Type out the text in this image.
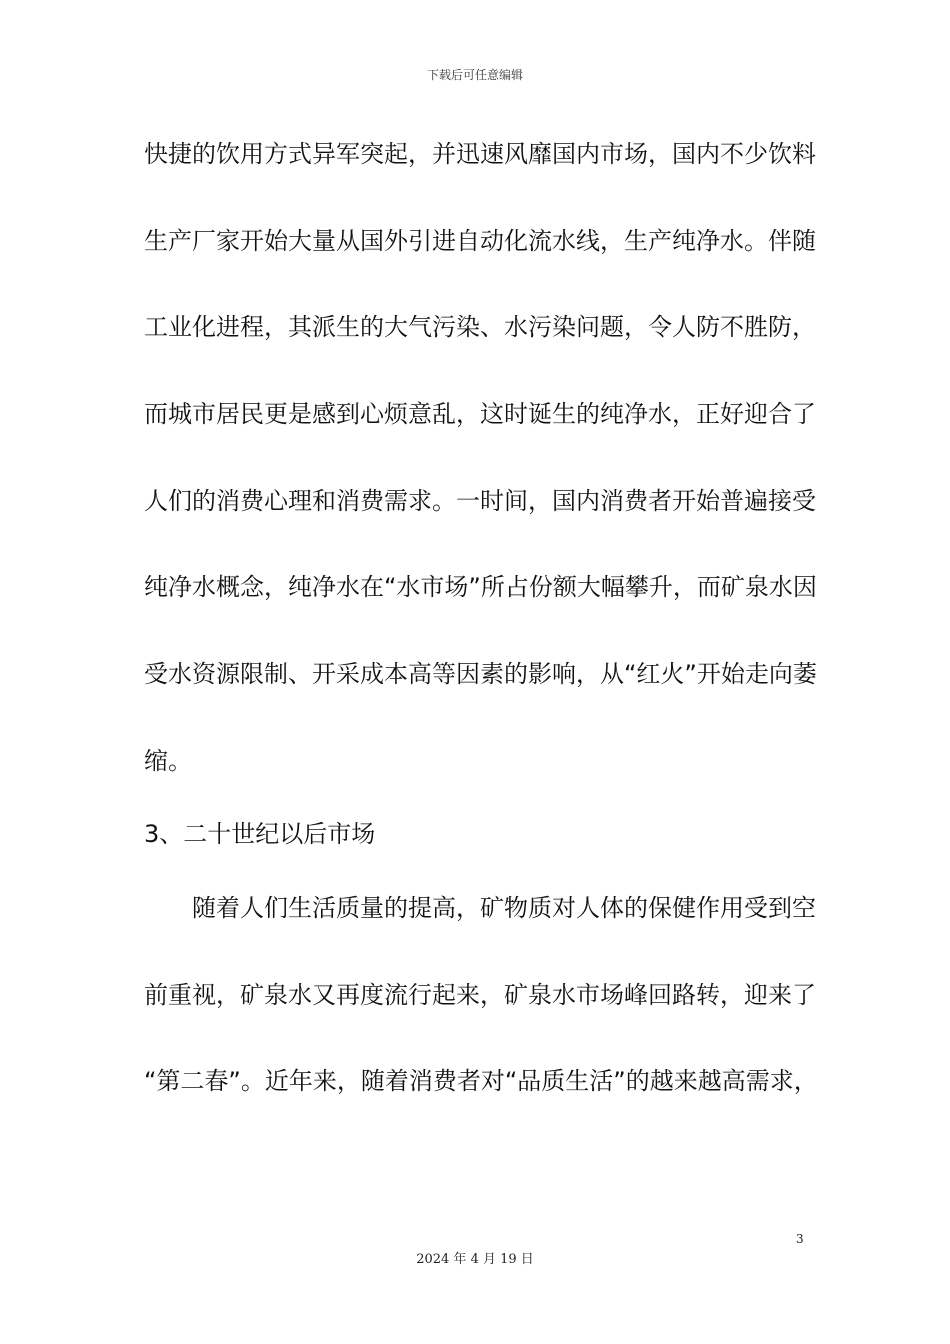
下载后可任意编辑
快捷的饮用方式异军突起，并迅速风靡国内市场，国内不少饮料
生产厂家开始大量从国外引进自动化流水线，生产纯净水。伴随
工业化进程，其派生的大气污染、水污染问题，令人防不胜防，
而城市居民更是感到心烦意乱，这时诞生的纯净水，正好迎合了
人们的消费心理和消费需求。一时间，国内消费者开始普遍接受
纯净水概念，纯净水在“水市场”所占份额大幅攀升，而矿泉水因
受水资源限制、开采成本高等因素的影响，从“红火”开始走向萎
缩。
3、二十世纪以后市场
　　随着人们生活质量的提高，矿物质对人体的保健作用受到空
前重视，矿泉水又再度流行起来，矿泉水市场峰回路转，迎来了
“第二春”。近年来，随着消费者对“品质生活”的越来越高需求，
3
2024 年 4 月 19 日
